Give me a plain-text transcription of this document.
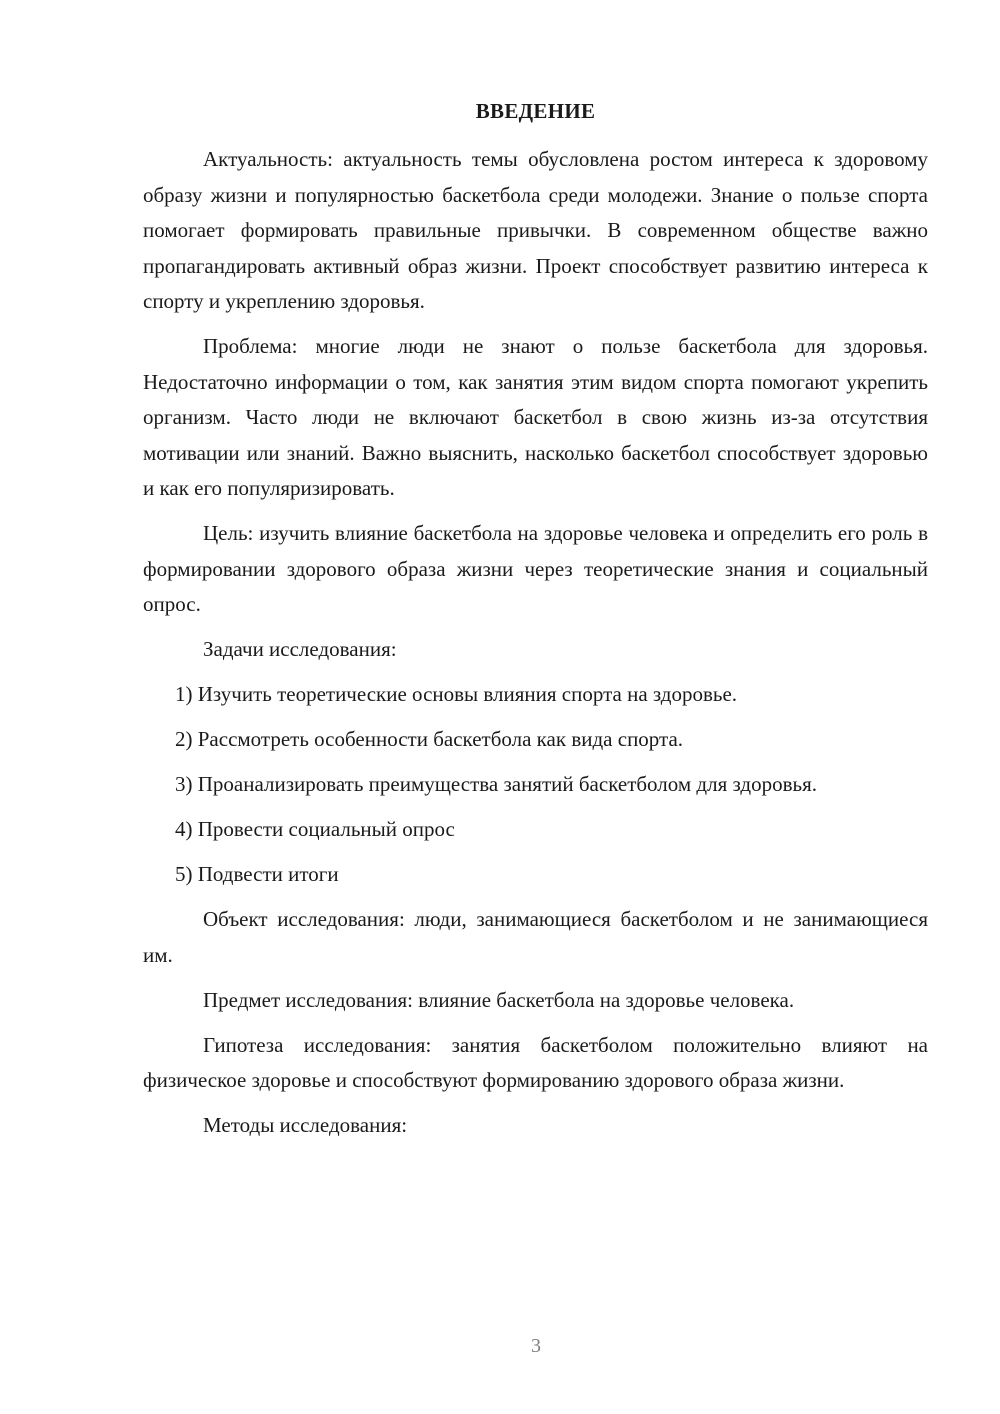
ВВЕДЕНИЕ

Актуальность: актуальность темы обусловлена ростом интереса к здоровому образу жизни и популярностью баскетбола среди молодежи. Знание о пользе спорта помогает формировать правильные привычки. В современном обществе важно пропагандировать активный образ жизни. Проект способствует развитию интереса к спорту и укреплению здоровья.

Проблема: многие люди не знают о пользе баскетбола для здоровья. Недостаточно информации о том, как занятия этим видом спорта помогают укрепить организм. Часто люди не включают баскетбол в свою жизнь из-за отсутствия мотивации или знаний. Важно выяснить, насколько баскетбол способствует здоровью и как его популяризировать.

Цель: изучить влияние баскетбола на здоровье человека и определить его роль в формировании здорового образа жизни через теоретические знания и социальный опрос.

Задачи исследования:

1) Изучить теоретические основы влияния спорта на здоровье.

2) Рассмотреть особенности баскетбола как вида спорта.

3) Проанализировать преимущества занятий баскетболом для здоровья.

4) Провести социальный опрос

5) Подвести итоги

Объект исследования: люди, занимающиеся баскетболом и не занимающиеся им.

Предмет исследования: влияние баскетбола на здоровье человека.

Гипотеза исследования: занятия баскетболом положительно влияют на физическое здоровье и способствуют формированию здорового образа жизни.

Методы исследования:

3
